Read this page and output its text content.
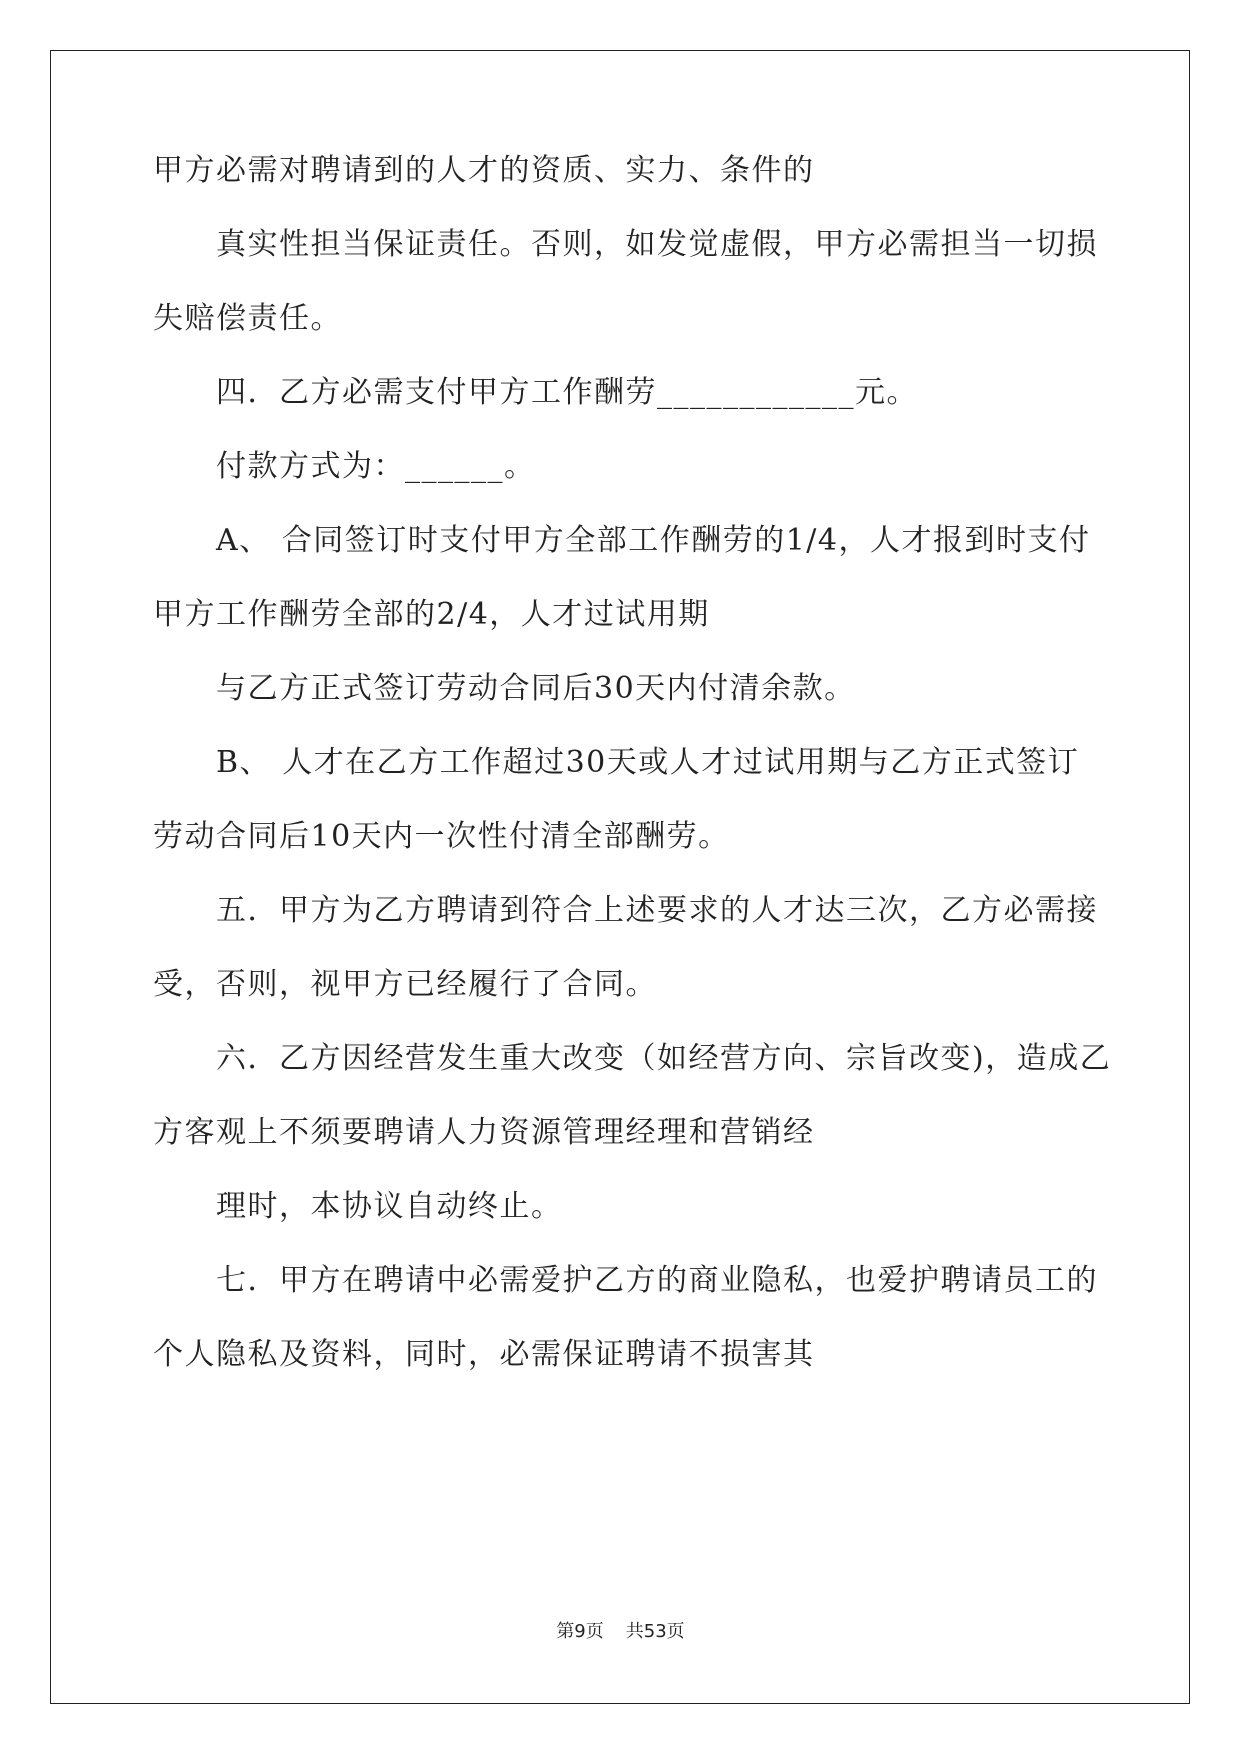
甲方必需对聘请到的人才的资质、实力、条件的
真实性担当保证责任。否则，如发觉虚假，甲方必需担当一切损
失赔偿责任。
四．乙方必需支付甲方工作酬劳____________元。
付款方式为：______。
A、 合同签订时支付甲方全部工作酬劳的1/4，人才报到时支付
甲方工作酬劳全部的2/4，人才过试用期
与乙方正式签订劳动合同后30天内付清余款。
B、 人才在乙方工作超过30天或人才过试用期与乙方正式签订
劳动合同后10天内一次性付清全部酬劳。
五．甲方为乙方聘请到符合上述要求的人才达三次，乙方必需接
受，否则，视甲方已经履行了合同。
六．乙方因经营发生重大改变（如经营方向、宗旨改变)，造成乙
方客观上不须要聘请人力资源管理经理和营销经
理时，本协议自动终止。
七．甲方在聘请中必需爱护乙方的商业隐私，也爱护聘请员工的
个人隐私及资料，同时，必需保证聘请不损害其
第9页 共53页
